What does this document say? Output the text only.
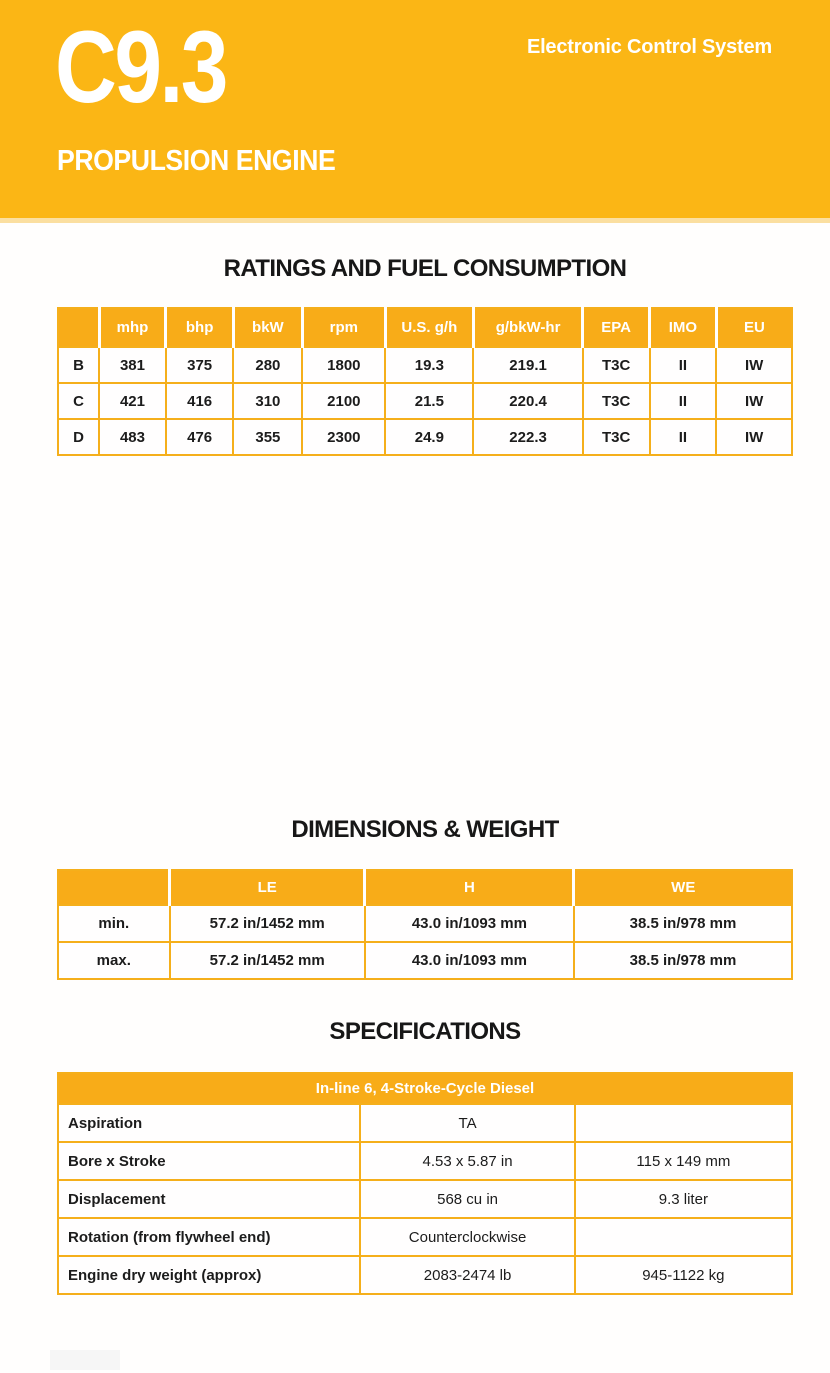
C9.3
PROPULSION ENGINE
Electronic Control System
RATINGS AND FUEL CONSUMPTION
	mhp	bhp	bkW	rpm	U.S. g/h	g/bkW-hr	EPA	IMO	EU
B	381	375	280	1800	19.3	219.1	T3C	II	IW
C	421	416	310	2100	21.5	220.4	T3C	II	IW
D	483	476	355	2300	24.9	222.3	T3C	II	IW
DIMENSIONS & WEIGHT
	LE	H	WE
min.	57.2 in/1452 mm	43.0 in/1093 mm	38.5 in/978 mm
max.	57.2 in/1452 mm	43.0 in/1093 mm	38.5 in/978 mm
SPECIFICATIONS
In-line 6, 4-Stroke-Cycle Diesel		
Aspiration	TA	
Bore x Stroke	4.53 x 5.87 in	115 x 149 mm
Displacement	568 cu in	9.3 liter
Rotation (from flywheel end)	Counterclockwise	
Engine dry weight (approx)	2083-2474 lb	945-1122 kg
